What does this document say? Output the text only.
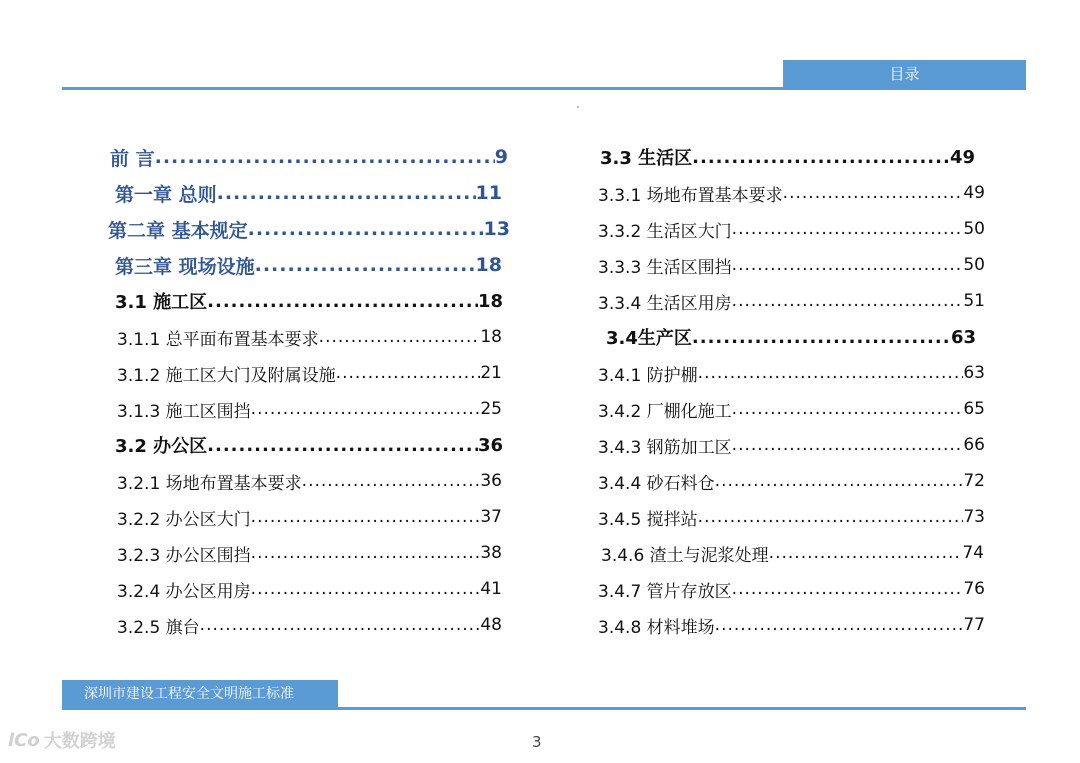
目录
前 言 .....	9
第一章 总则 .....	11
第二章 基本规定 .....	13
第三章 现场设施 .....	18
3.1 施工区 .....	18
3.1.1 总平面布置基本要求 .....	18
3.1.2 施工区大门及附属设施 .....	21
3.1.3 施工区围挡 .....	25
3.2 办公区 .....	36
3.2.1 场地布置基本要求 .....	36
3.2.2 办公区大门 .....	37
3.2.3 办公区围挡 .....	38
3.2.4 办公区用房 .....	41
3.2.5 旗台 .....	48
3.3 生活区 .....	49
3.3.1 场地布置基本要求 .....	49
3.3.2 生活区大门 .....	50
3.3.3 生活区围挡 .....	50
3.3.4 生活区用房 .....	51
3.4生产区 .....	63
3.4.1 防护棚 .....	63
3.4.2 厂棚化施工 .....	65
3.4.3 钢筋加工区 .....	66
3.4.4 砂石料仓 .....	72
3.4.5 搅拌站 .....	73
3.4.6 渣土与泥浆处理 .....	74
3.4.7 管片存放区 .....	76
3.4.8 材料堆场 .....	77
深圳市建设工程安全文明施工标准
3
lCo 大数跨境
